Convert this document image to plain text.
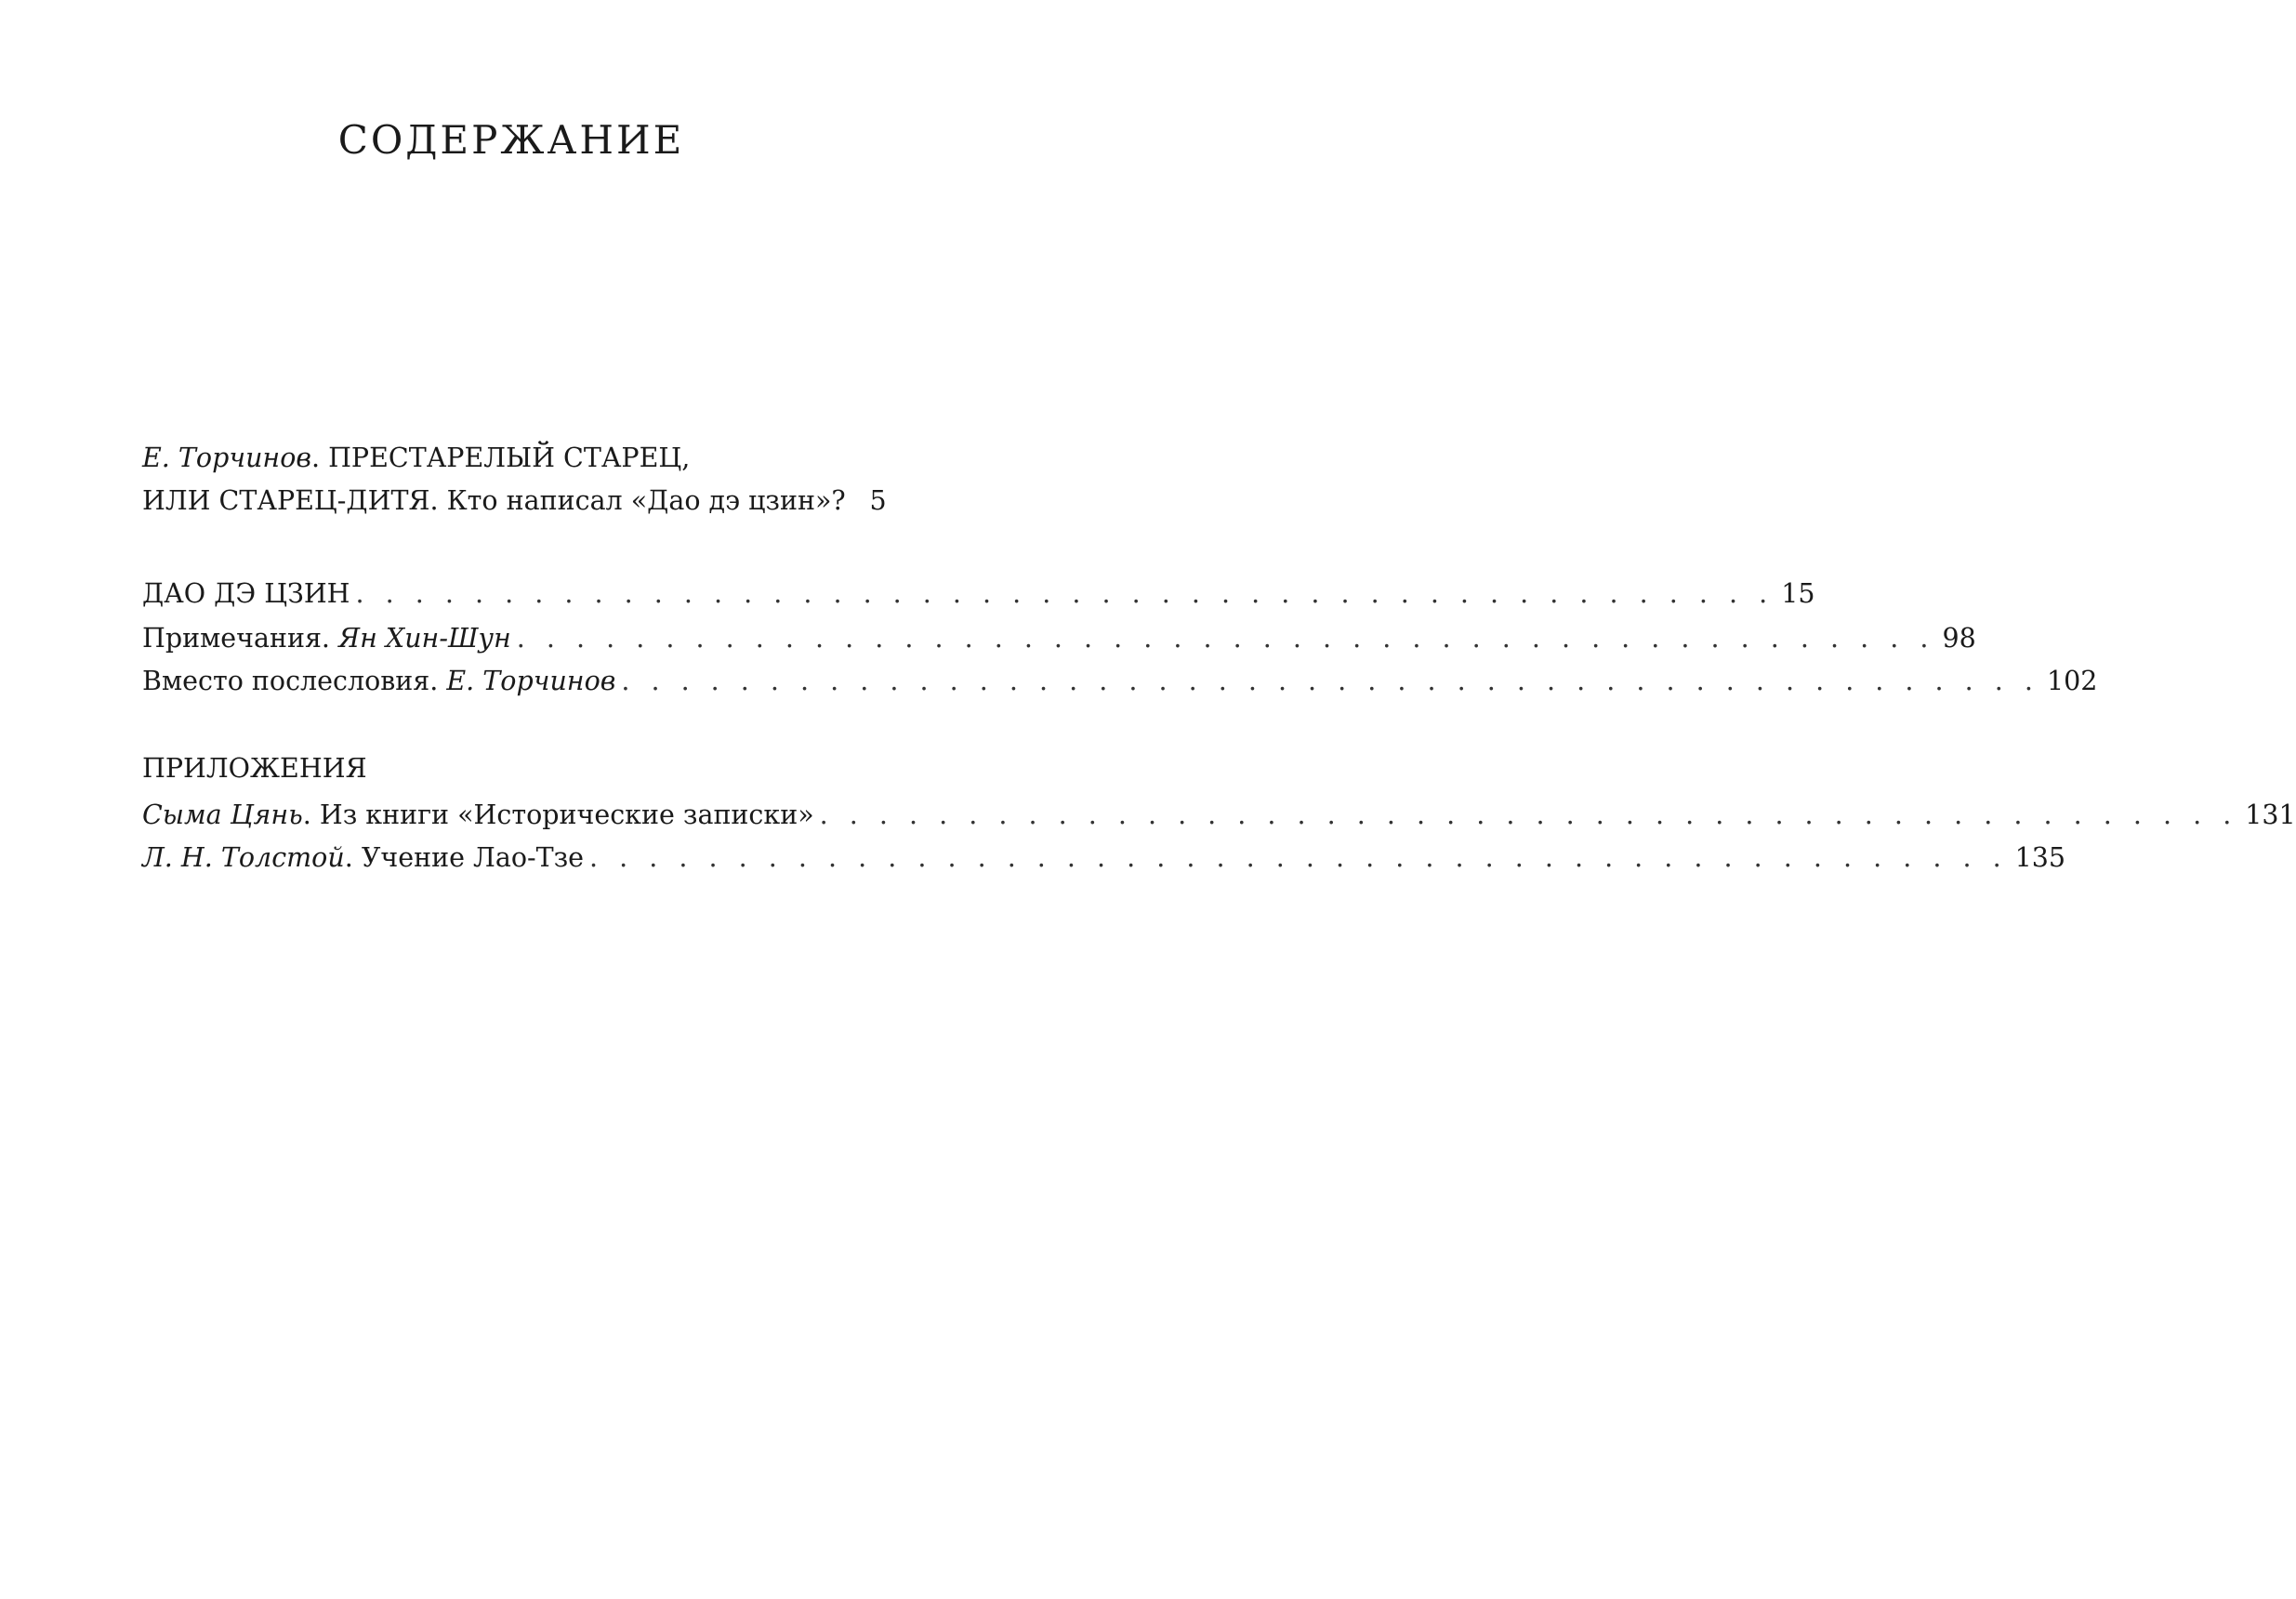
СОДЕРЖАНИЕ
Е. Торчинов. ПРЕСТАРЕЛЫЙ СТАРЕЦ,
ИЛИ СТАРЕЦ-ДИТЯ. Кто написал «Дао дэ цзин»? 5
ДАО ДЭ ЦЗИН . . . . . . . . . . . . . . . . . . . . . . . . . . . . . . . . . . . . . . . . . . . . . . . . 15
Примечания. Ян Хин-Шун . . . . . . . . . . . . . . . . . . . . . . . . . . . . . . . . . . . . . . . . . . . . . . . . 98
Вместо послесловия. Е. Торчинов . . . . . . . . . . . . . . . . . . . . . . . . . . . . . . . . . . . . . . . . . . . . . . . . 102
ПРИЛОЖЕНИЯ
Сыма Цянь. Из книги «Исторические записки» . . . . . . . . . . . . . . . . . . . . . . . . . . . . . . . . . . . . . . . . . . . . . . . . 131
Л. Н. Толстой. Учение Лао-Тзе . . . . . . . . . . . . . . . . . . . . . . . . . . . . . . . . . . . . . . . . . . . . . . . . 135
